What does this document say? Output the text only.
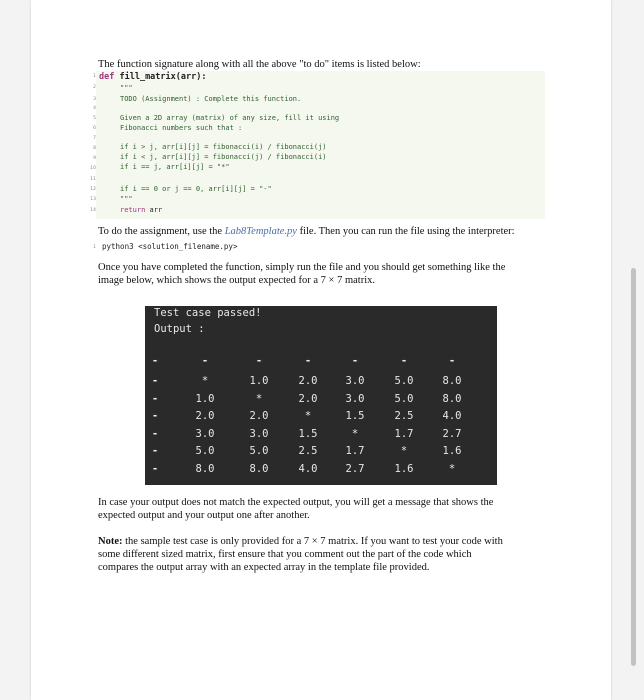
The function signature along with all the above "to do" items is listed below:
1
2
3
4
5
6
7
8
9
10
11
12
13
14
def fill_matrix(arr):
"""
TODO (Assignment) : Complete this function.
Given a 2D array (matrix) of any size, fill it using
Fibonacci numbers such that :
if i > j, arr[i][j] = fibonacci(i) / fibonacci(j)
if i < j, arr[i][j] = fibonacci(j) / fibonacci(i)
if i == j, arr[i][j] = "*"
if i == 0 or j == 0, arr[i][j] = "-"
"""
return arr
To do the assignment, use the Lab8Template.py file. Then you can run the file using the interpreter:
1 python3 <solution_filename.py>
Once you have completed the function, simply run the file and you should get something like the
image below, which shows the output expected for a 7 × 7 matrix.
Test case passed!
Output :
-	-	-	-	-	-	-
-	*	1.0	2.0	3.0	5.0	8.0
-	1.0	*	2.0	3.0	5.0	8.0
-	2.0	2.0	*	1.5	2.5	4.0
-	3.0	3.0	1.5	*	1.7	2.7
-	5.0	5.0	2.5	1.7	*	1.6
-	8.0	8.0	4.0	2.7	1.6	*
In case your output does not match the expected output, you will get a message that shows the
expected output and your output one after another.
Note: the sample test case is only provided for a 7 × 7 matrix. If you want to test your code with
some different sized matrix, first ensure that you comment out the part of the code which
compares the output array with an expected array in the template file provided.
